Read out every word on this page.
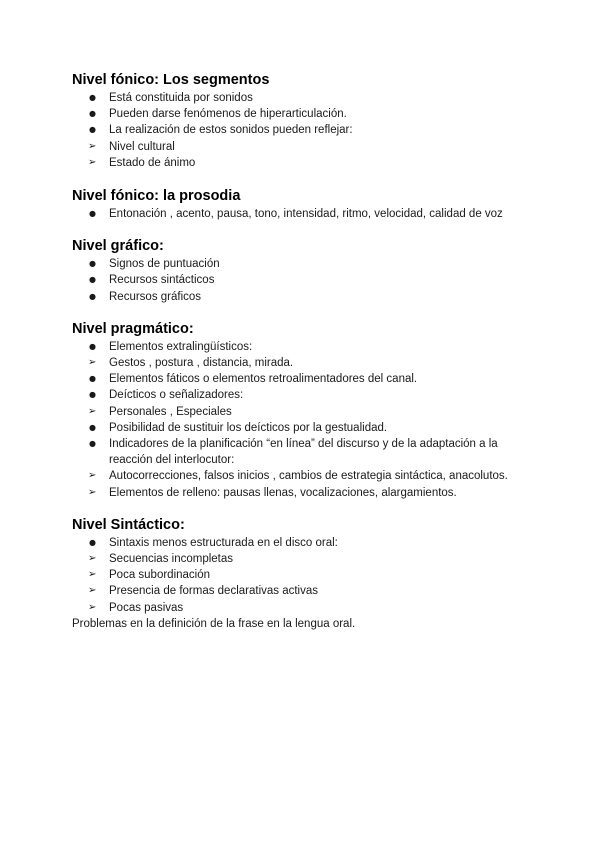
Nivel fónico: Los segmentos
●	Está constituida por sonidos
●	Pueden darse fenómenos de hiperarticulación.
●	La realización de estos sonidos pueden reflejar:
➢	Nivel cultural
➢	Estado de ánimo
Nivel fónico: la prosodia
●	Entonación , acento, pausa, tono, intensidad, ritmo, velocidad, calidad de voz
Nivel gráfico:
●	Signos de puntuación
●	Recursos sintácticos
●	Recursos gráficos
Nivel pragmático:
●	Elementos extralingüísticos:
➢	Gestos , postura , distancia, mirada.
●	Elementos fáticos o elementos retroalimentadores del canal.
●	Deícticos o señalizadores:
➢	Personales , Especiales
●	Posibilidad de sustituir los deícticos por la gestualidad.
●	Indicadores de la planificación “en línea” del discurso y de la adaptación a la reacción del interlocutor:
➢	Autocorrecciones, falsos inicios , cambios de estrategia sintáctica, anacolutos.
➢	Elementos de relleno: pausas llenas, vocalizaciones, alargamientos.
Nivel Sintáctico:
●	Sintaxis menos estructurada en el disco oral:
➢	Secuencias incompletas
➢	Poca subordinación
➢	Presencia de formas declarativas activas
➢	Pocas pasivas

Problemas en la definición de la frase en la lengua oral.
